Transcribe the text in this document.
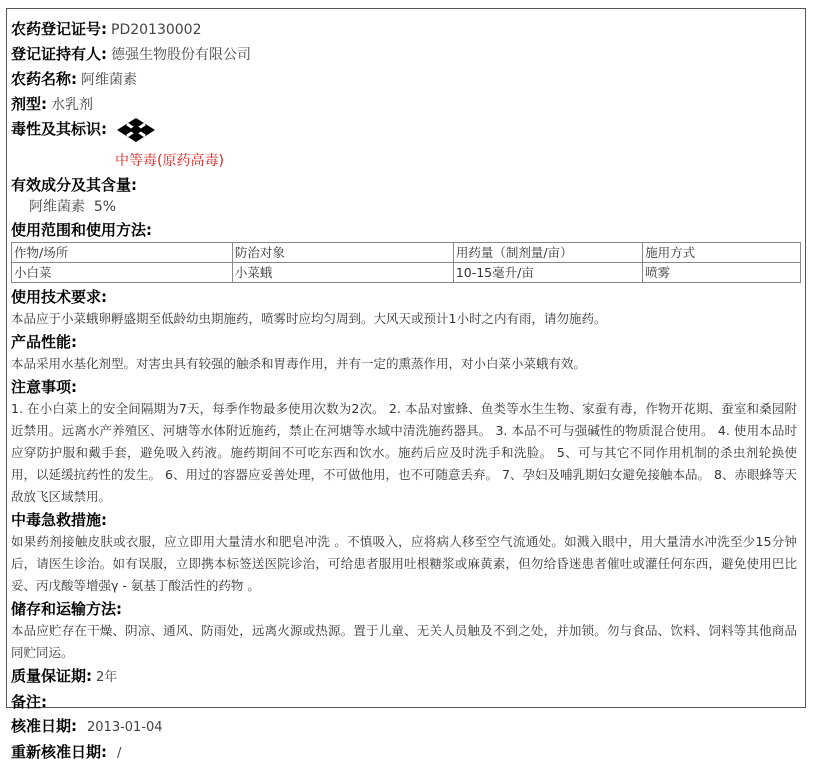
农药登记证号: PD20130002
登记证持有人: 德强生物股份有限公司
农药名称: 阿维菌素
剂型: 水乳剂
毒性及其标识:
中等毒(原药高毒)
有效成分及其含量:
阿维菌素  5%
使用范围和使用方法:
作物/场所	防治对象	用药量（制剂量/亩）	施用方式
小白菜	小菜蛾	10-15毫升/亩	喷雾
使用技术要求:

本品应于小菜蛾卵孵盛期至低龄幼虫期施药，喷雾时应均匀周到。大风天或预计1小时之内有雨，请勿施药。

产品性能:

本品采用水基化剂型。对害虫具有较强的触杀和胃毒作用，并有一定的熏蒸作用，对小白菜小菜蛾有效。

注意事项:

1. 在小白菜上的安全间隔期为7天，每季作物最多使用次数为2次。 2. 本品对蜜蜂、鱼类等水生生物、家蚕有毒，作物开花期、蚕室和桑园附近禁用。远离水产养殖区、河塘等水体附近施药，禁止在河塘等水域中清洗施药器具。 3. 本品不可与强碱性的物质混合使用。 4. 使用本品时应穿防护服和戴手套，避免吸入药液。施药期间不可吃东西和饮水。施药后应及时洗手和洗脸。 5、可与其它不同作用机制的杀虫剂轮换使用，以延缓抗药性的发生。 6、用过的容器应妥善处理，不可做他用，也不可随意丢弃。 7、孕妇及哺乳期妇女避免接触本品。 8、赤眼蜂等天敌放飞区域禁用。

中毒急救措施:

如果药剂接触皮肤或衣服，应立即用大量清水和肥皂冲洗 。不慎吸入，应将病人移至空气流通处。如溅入眼中，用大量清水冲洗至少15分钟后，请医生诊治。如有误服，立即携本标签送医院诊治，可给患者服用吐根糖浆或麻黄素，但勿给昏迷患者催吐或灌任何东西，避免使用巴比妥、丙戊酸等增强γ - 氨基丁酸活性的药物 。

储存和运输方法:

本品应贮存在干燥、阴凉、通风、防雨处，远离火源或热源。置于儿童、无关人员触及不到之处，并加锁。勿与食品、饮料、饲料等其他商品同贮同运。

质量保证期: 2年
备注:
核准日期: 2013-01-04
重新核准日期: /
